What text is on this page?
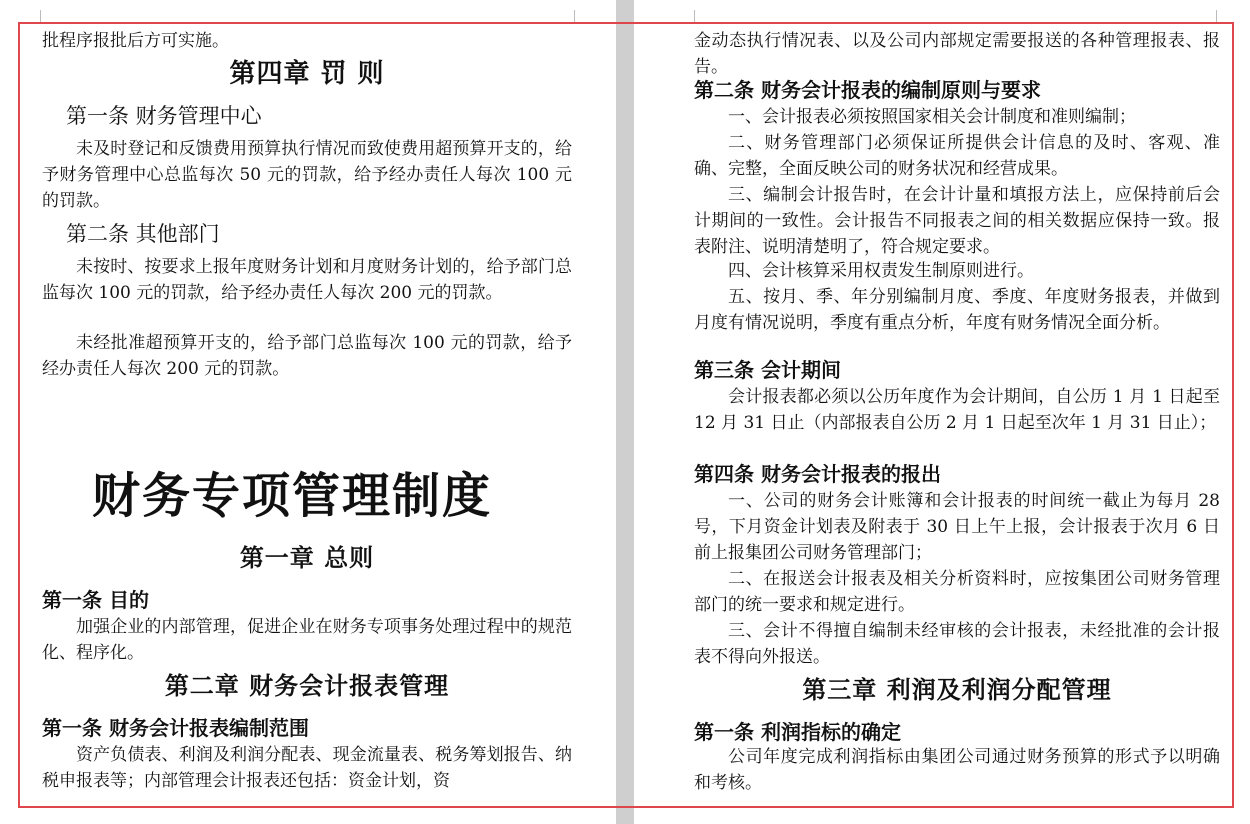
批程序报批后方可实施。
第四章 罚 则
第一条 财务管理中心
未及时登记和反馈费用预算执行情况而致使费用超预算开支的，给予财务管理中心总监每次 50 元的罚款，给予经办责任人每次 100 元的罚款。
第二条 其他部门
未按时、按要求上报年度财务计划和月度财务计划的，给予部门总监每次 100 元的罚款，给予经办责任人每次 200 元的罚款。
未经批准超预算开支的，给予部门总监每次 100 元的罚款，给予经办责任人每次 200 元的罚款。
财务专项管理制度
第一章 总则
第一条 目的
加强企业的内部管理，促进企业在财务专项事务处理过程中的规范化、程序化。
第二章 财务会计报表管理
第一条 财务会计报表编制范围
资产负债表、利润及利润分配表、现金流量表、税务筹划报告、纳税申报表等；内部管理会计报表还包括：资金计划，资
金动态执行情况表、以及公司内部规定需要报送的各种管理报表、报告。
第二条 财务会计报表的编制原则与要求
一、会计报表必须按照国家相关会计制度和准则编制；
二、财务管理部门必须保证所提供会计信息的及时、客观、准确、完整，全面反映公司的财务状况和经营成果。
三、编制会计报告时，在会计计量和填报方法上，应保持前后会计期间的一致性。会计报告不同报表之间的相关数据应保持一致。报表附注、说明清楚明了，符合规定要求。
四、会计核算采用权责发生制原则进行。
五、按月、季、年分别编制月度、季度、年度财务报表，并做到月度有情况说明，季度有重点分析，年度有财务情况全面分析。
第三条 会计期间
会计报表都必须以公历年度作为会计期间，自公历 1 月 1 日起至 12 月 31 日止（内部报表自公历 2 月 1 日起至次年 1 月 31 日止）；
第四条 财务会计报表的报出
一、公司的财务会计账簿和会计报表的时间统一截止为每月 28 号，下月资金计划表及附表于 30 日上午上报，会计报表于次月 6 日前上报集团公司财务管理部门；
二、在报送会计报表及相关分析资料时，应按集团公司财务管理部门的统一要求和规定进行。
三、会计不得擅自编制未经审核的会计报表，未经批准的会计报表不得向外报送。
第三章 利润及利润分配管理
第一条 利润指标的确定
公司年度完成利润指标由集团公司通过财务预算的形式予以明确和考核。
